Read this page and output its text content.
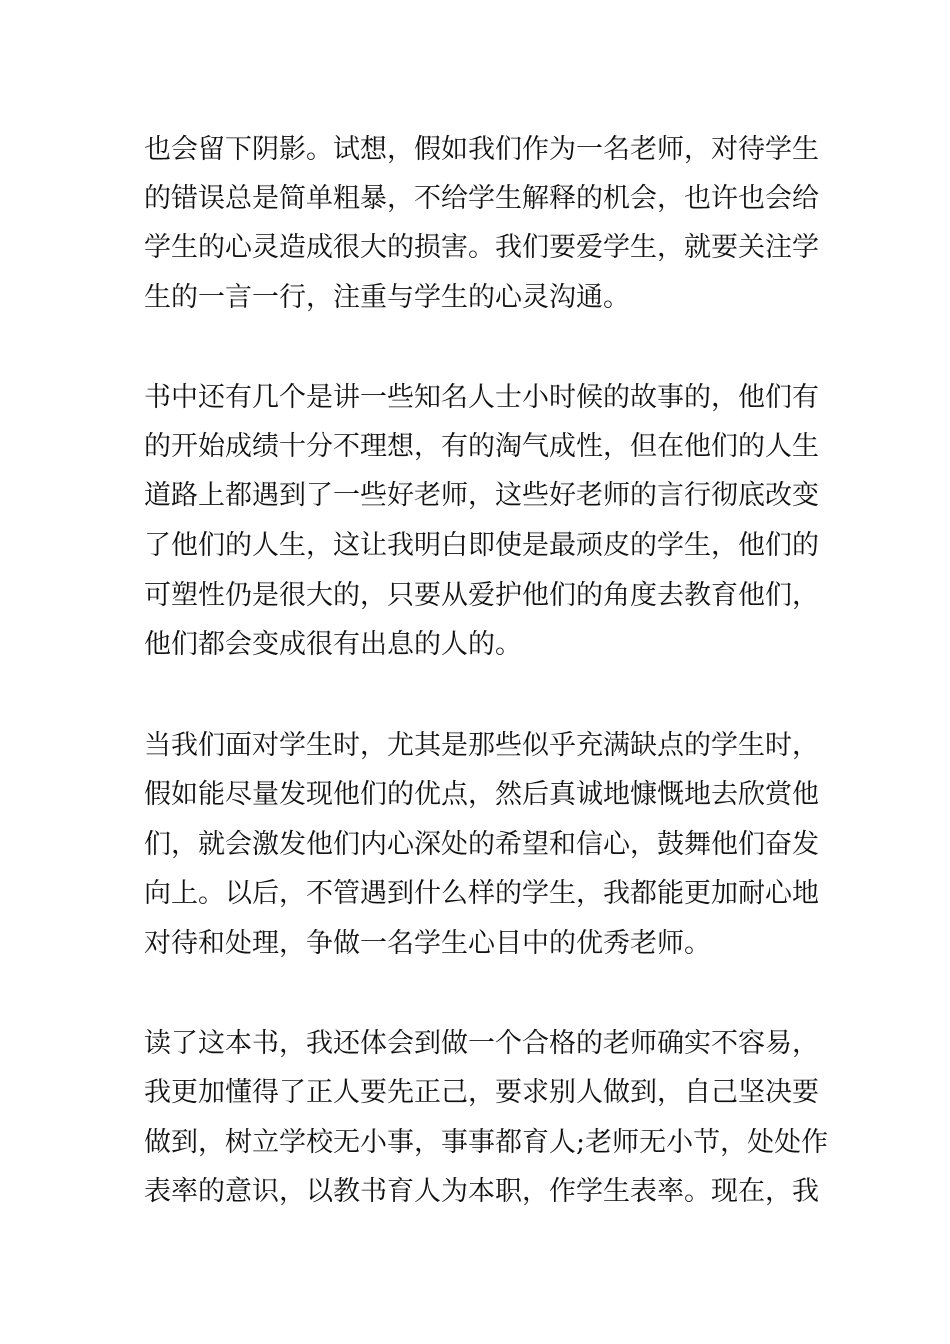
也会留下阴影。试想，假如我们作为一名老师，对待学生
的错误总是简单粗暴，不给学生解释的机会，也许也会给
学生的心灵造成很大的损害。我们要爱学生，就要关注学
生的一言一行，注重与学生的心灵沟通。
书中还有几个是讲一些知名人士小时候的故事的，他们有
的开始成绩十分不理想，有的淘气成性，但在他们的人生
道路上都遇到了一些好老师，这些好老师的言行彻底改变
了他们的人生，这让我明白即使是最顽皮的学生，他们的
可塑性仍是很大的，只要从爱护他们的角度去教育他们，
他们都会变成很有出息的人的。
当我们面对学生时，尤其是那些似乎充满缺点的学生时，
假如能尽量发现他们的优点，然后真诚地慷慨地去欣赏他
们，就会激发他们内心深处的希望和信心，鼓舞他们奋发
向上。以后，不管遇到什么样的学生，我都能更加耐心地
对待和处理，争做一名学生心目中的优秀老师。
读了这本书，我还体会到做一个合格的老师确实不容易，
我更加懂得了正人要先正己，要求别人做到，自己坚决要
做到，树立学校无小事，事事都育人;老师无小节，处处作
表率的意识，以教书育人为本职，作学生表率。现在，我
